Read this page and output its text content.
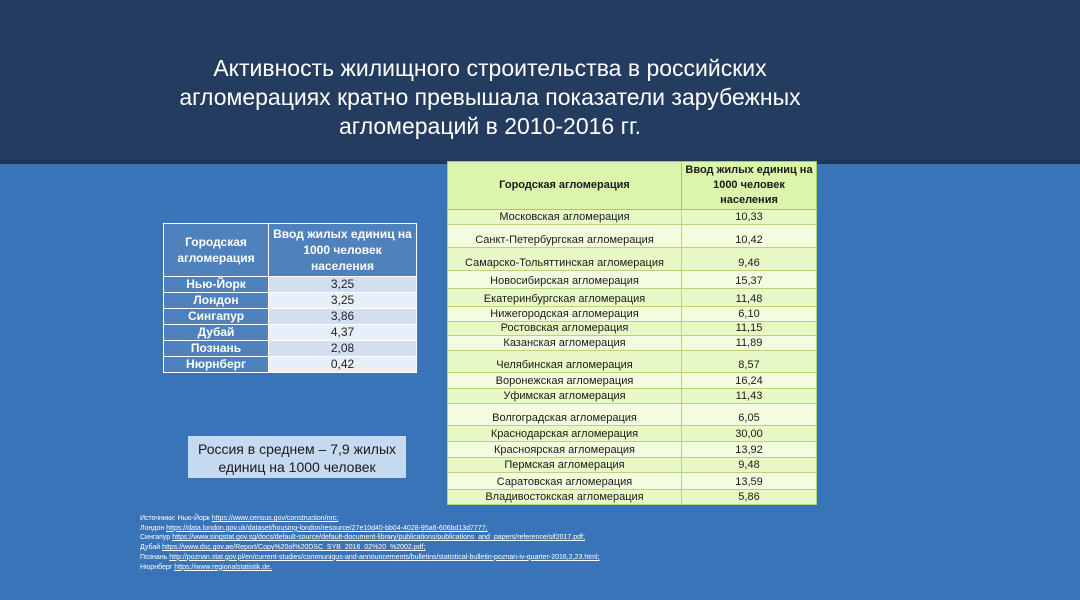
Активность жилищного строительства в российских агломерациях кратно превышала показатели зарубежных агломераций в 2010-2016 гг.
Городская агломерация	Ввод жилых единиц на 1000 человек населения
Нью-Йорк	3,25
Лондон	3,25
Сингапур	3,86
Дубай	4,37
Познань	2,08
Нюрнберг	0,42
Россия в среднем – 7,9 жилых единиц на 1000 человек
Городская агломерация	Ввод жилых единиц на 1000 человек населения
Московская агломерация	10,33
Санкт-Петербургская агломерация	10,42
Самарско-Тольяттинская агломерация	9,46
Новосибирская агломерация	15,37
Екатеринбургская агломерация	11,48
Нижегородская агломерация	6,10
Ростовская агломерация	11,15
Казанская агломерация	11,89
Челябинская агломерация	8,57
Воронежская агломерация	16,24
Уфимская агломерация	11,43
Волгоградская агломерация	6,05
Краснодарская агломерация	30,00
Красноярская агломерация	13,92
Пермская агломерация	9,48
Саратовская агломерация	13,59
Владивостокская агломерация	5,86
Источники: Нью-Йорк https://www.census.gov/construction/nrc;
Лондон https://data.london.gov.uk/dataset/housing-london/resource/27e10d40-bb04-4028-95a6-606bd13d7777;
Сингапур https://www.singstat.gov.sg/docs/default-source/default-document-library/publications/publications_and_papers/reference/sif2017.pdf;
Дубай https://www.dsc.gov.ae/Report/Copy%20of%20DSC_SYB_2016_02%20_%2002.pdf;
Познань http://poznan.stat.gov.pl/en/current-studies/communiqus-and-announcements/bulletins/statistical-bulletin-poznan-iv-quarter-2016,2,23.html;
Нюрнберг https://www.regionalstatistik.de.
